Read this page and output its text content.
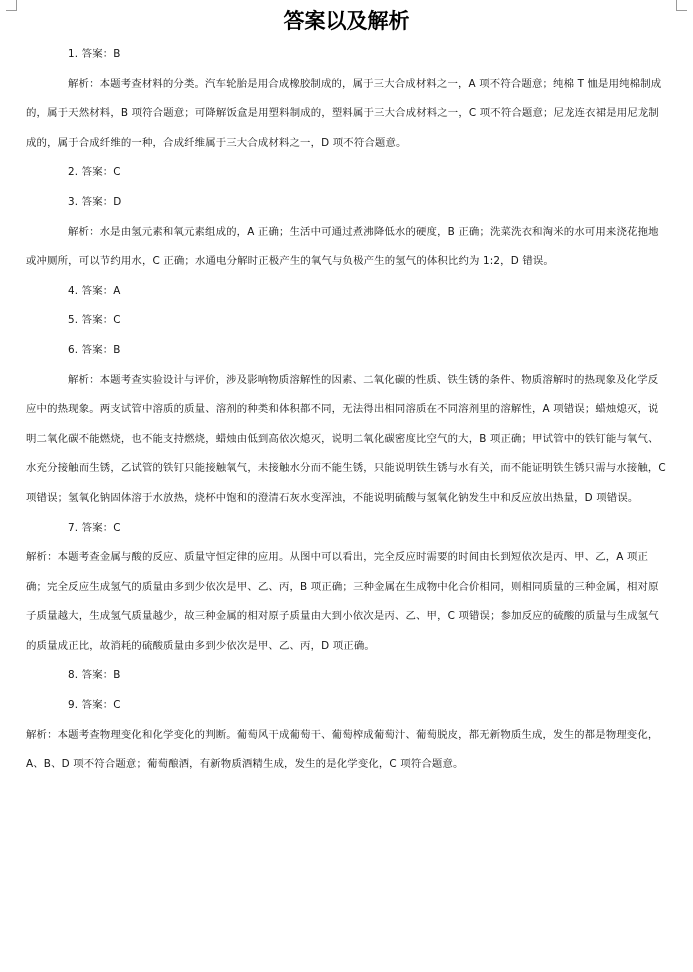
答案以及解析

1. 答案：B

解析：本题考查材料的分类。汽车轮胎是用合成橡胶制成的，属于三大合成材料之一，A 项不符合题意；纯棉 T 恤是用纯棉制成的，属于天然材料，B 项符合题意；可降解饭盒是用塑料制成的，塑料属于三大合成材料之一，C 项不符合题意；尼龙连衣裙是用尼龙制成的，属于合成纤维的一种，合成纤维属于三大合成材料之一，D 项不符合题意。

2. 答案：C

3. 答案：D

解析：水是由氢元素和氧元素组成的，A 正确；生活中可通过煮沸降低水的硬度，B 正确；洗菜洗衣和淘米的水可用来浇花拖地或冲厕所，可以节约用水，C 正确；水通电分解时正极产生的氧气与负极产生的氢气的体积比约为 1:2，D 错误。

4. 答案：A

5. 答案：C

6. 答案：B

解析：本题考查实验设计与评价，涉及影响物质溶解性的因素、二氧化碳的性质、铁生锈的条件、物质溶解时的热现象及化学反应中的热现象。两支试管中溶质的质量、溶剂的种类和体积都不同，无法得出相同溶质在不同溶剂里的溶解性，A 项错误；蜡烛熄灭，说明二氧化碳不能燃烧，也不能支持燃烧，蜡烛由低到高依次熄灭，说明二氧化碳密度比空气的大，B 项正确；甲试管中的铁钉能与氧气、水充分接触而生锈，乙试管的铁钉只能接触氧气，未接触水分而不能生锈，只能说明铁生锈与水有关，而不能证明铁生锈只需与水接触，C 项错误；氢氧化钠固体溶于水放热，烧杯中饱和的澄清石灰水变浑浊，不能说明硫酸与氢氧化钠发生中和反应放出热量，D 项错误。

7. 答案：C

解析：本题考查金属与酸的反应、质量守恒定律的应用。从图中可以看出，完全反应时需要的时间由长到短依次是丙、甲、乙，A 项正确；完全反应生成氢气的质量由多到少依次是甲、乙、丙，B 项正确；三种金属在生成物中化合价相同，则相同质量的三种金属，相对原子质量越大，生成氢气质量越少，故三种金属的相对原子质量由大到小依次是丙、乙、甲，C 项错误；参加反应的硫酸的质量与生成氢气的质量成正比，故消耗的硫酸质量由多到少依次是甲、乙、丙，D 项正确。

8. 答案：B

9. 答案：C

解析：本题考查物理变化和化学变化的判断。葡萄风干成葡萄干、葡萄榨成葡萄汁、葡萄脱皮，都无新物质生成，发生的都是物理变化，A、B、D 项不符合题意；葡萄酿酒，有新物质酒精生成，发生的是化学变化，C 项符合题意。
